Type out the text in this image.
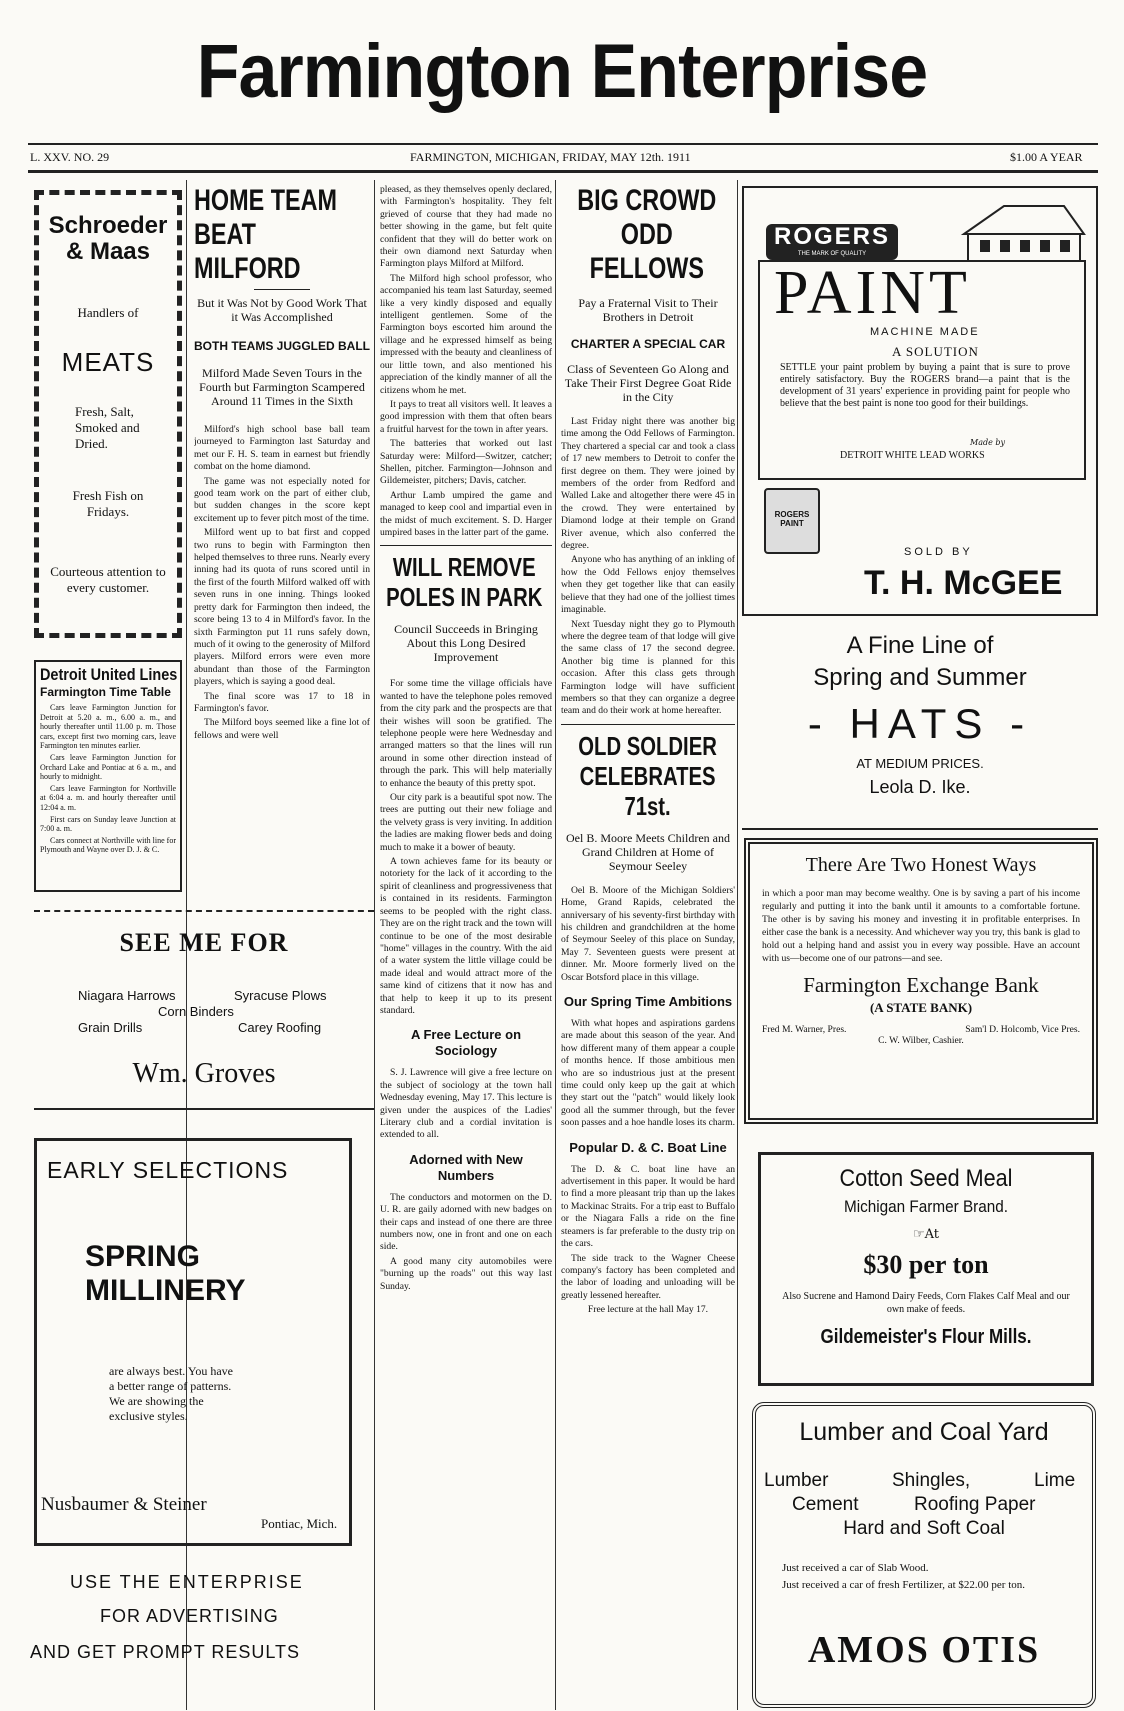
Farmington Enterprise
L. XXV. NO. 29	FARMINGTON, MICHIGAN, FRIDAY, MAY 12th. 1911	$1.00 A YEAR
Schroeder & Maas
Handlers of
MEATS
Fresh, Salt, Smoked and Dried.
Fresh Fish on Fridays.
Courteous attention to every customer.
Detroit United Lines
Farmington Time Table

Cars leave Farmington Junction for Detroit at 5.20 a. m., 6.00 a. m., and hourly thereafter until 11.00 p. m. Those cars, except first two morning cars, leave Farmington ten minutes earlier.

Cars leave Farmington Junction for Orchard Lake and Pontiac at 6 a. m., and hourly to midnight.

Cars leave Farmington for Northville at 6:04 a. m. and hourly thereafter until 12:04 a. m.

First cars on Sunday leave Junction at 7:00 a. m.

Cars connect at Northville with line for Plymouth and Wayne over D. J. & C.

SEE ME FOR
Niagara Harrows	Syracuse Plows
Corn Binders
Grain Drills	Carey Roofing
Wm. Groves
EARLY SELECTIONS
SPRING MILLINERY
are always best. You have a better range of patterns. We are showing the exclusive styles.
Nusbaumer & Steiner
Pontiac, Mich.
USE THE ENTERPRISE
FOR ADVERTISING
AND GET PROMPT RESULTS
HOME TEAM BEAT MILFORD
But it Was Not by Good Work That it Was Accomplished
BOTH TEAMS JUGGLED BALL
Milford Made Seven Tours in the Fourth but Farmington Scampered Around 11 Times in the Sixth

Milford's high school base ball team journeyed to Farmington last Saturday and met our F. H. S. team in earnest but friendly combat on the home diamond.

The game was not especially noted for good team work on the part of either club, but sudden changes in the score kept excitement up to fever pitch most of the time.

Milford went up to bat first and copped two runs to begin with Farmington then helped themselves to three runs. Nearly every inning had its quota of runs scored until in the first of the fourth Milford walked off with seven runs in one inning. Things looked pretty dark for Farmington then indeed, the score being 13 to 4 in Milford's favor. In the sixth Farmington put 11 runs safely down, much of it owing to the generosity of Milford players. Milford errors were even more abundant than those of the Farmington players, which is saying a good deal.

The final score was 17 to 18 in Farmington's favor.

The Milford boys seemed like a fine lot of fellows and were well

pleased, as they themselves openly declared, with Farmington's hospitality. They felt grieved of course that they had made no better showing in the game, but felt quite confident that they will do better work on their own diamond next Saturday when Farmington plays Milford at Milford.

The Milford high school professor, who accompanied his team last Saturday, seemed like a very kindly disposed and equally intelligent gentlemen. Some of the Farmington boys escorted him around the village and he expressed himself as being impressed with the beauty and cleanliness of our little town, and also mentioned his appreciation of the kindly manner of all the citizens whom he met.

It pays to treat all visitors well. It leaves a good impression with them that often bears a fruitful harvest for the town in after years.

The batteries that worked out last Saturday were: Milford—Switzer, catcher; Shellen, pitcher. Farmington—Johnson and Gildemeister, pitchers; Davis, catcher.

Arthur Lamb umpired the game and managed to keep cool and impartial even in the midst of much excitement. S. D. Harger umpired bases in the latter part of the game.

WILL REMOVE POLES IN PARK
Council Succeeds in Bringing About this Long Desired Improvement

For some time the village officials have wanted to have the telephone poles removed from the city park and the prospects are that their wishes will soon be gratified. The telephone people were here Wednesday and arranged matters so that the lines will run around in some other direction instead of through the park. This will help materially to enhance the beauty of this pretty spot.

Our city park is a beautiful spot now. The trees are putting out their new foliage and the velvety grass is very inviting. In addition the ladies are making flower beds and doing much to make it a bower of beauty.

A town achieves fame for its beauty or notoriety for the lack of it according to the spirit of cleanliness and progressiveness that is contained in its residents. Farmington seems to be peopled with the right class. They are on the right track and the town will continue to be one of the most desirable "home" villages in the country. With the aid of a water system the little village could be made ideal and would attract more of the same kind of citizens that it now has and that help to keep it up to its present standard.

A Free Lecture on Sociology

S. J. Lawrence will give a free lecture on the subject of sociology at the town hall Wednesday evening, May 17. This lecture is given under the auspices of the Ladies' Literary club and a cordial invitation is extended to all.

Adorned with New Numbers

The conductors and motormen on the D. U. R. are gaily adorned with new badges on their caps and instead of one there are three numbers now, one in front and one on each side.

A good many city automobiles were "burning up the roads" out this way last Sunday.

BIG CROWD ODD FELLOWS
Pay a Fraternal Visit to Their Brothers in Detroit
CHARTER A SPECIAL CAR
Class of Seventeen Go Along and Take Their First Degree Goat Ride in the City

Last Friday night there was another big time among the Odd Fellows of Farmington. They chartered a special car and took a class of 17 new members to Detroit to confer the first degree on them. They were joined by members of the order from Redford and Walled Lake and altogether there were 45 in the crowd. They were entertained by Diamond lodge at their temple on Grand River avenue, which also conferred the degree.

Anyone who has anything of an inkling of how the Odd Fellows enjoy themselves when they get together like that can easily believe that they had one of the jolliest times imaginable.

Next Tuesday night they go to Plymouth where the degree team of that lodge will give the same class of 17 the second degree. Another big time is planned for this occasion. After this class gets through Farmington lodge will have sufficient members so that they can organize a degree team and do their work at home hereafter.

OLD SOLDIER CELEBRATES 71st.
Oel B. Moore Meets Children and Grand Children at Home of Seymour Seeley

Oel B. Moore of the Michigan Soldiers' Home, Grand Rapids, celebrated the anniversary of his seventy-first birthday with his children and grandchildren at the home of Seymour Seeley of this place on Sunday, May 7. Seventeen guests were present at dinner. Mr. Moore formerly lived on the Oscar Botsford place in this village.

Our Spring Time Ambitions

With what hopes and aspirations gardens are made about this season of the year. And how different many of them appear a couple of months hence. If those ambitious men who are so industrious just at the present time could only keep up the gait at which they start out the "patch" would likely look good all the summer through, but the fever soon passes and a hoe handle loses its charm.

Popular D. & C. Boat Line

The D. & C. boat line have an advertisement in this paper. It would be hard to find a more pleasant trip than up the lakes to Mackinac Straits. For a trip east to Buffalo or the Niagara Falls a ride on the fine steamers is far preferable to the dusty trip on the cars.

The side track to the Wagner Cheese company's factory has been completed and the labor of loading and unloading will be greatly lessened hereafter.

Free lecture at the hall May 17.

ROGERS
THE MARK OF QUALITY
PAINT
MACHINE MADE
A SOLUTION
SETTLE your paint problem by buying a paint that is sure to prove entirely satisfactory. Buy the ROGERS brand—a paint that is the development of 31 years' experience in providing paint for people who believe that the best paint is none too good for their buildings.
Made by
DETROIT WHITE LEAD WORKS
ROGERS PAINT
SOLD BY
T. H. McGEE
A Fine Line of
Spring and Summer
- HATS -
AT MEDIUM PRICES.
Leola D. Ike.
There Are Two Honest Ways
in which a poor man may become wealthy. One is by saving a part of his income regularly and putting it into the bank until it amounts to a comfortable fortune. The other is by saving his money and investing it in profitable enterprises. In either case the bank is a necessity. And whichever way you try, this bank is glad to hold out a helping hand and assist you in every way possible. Have an account with us—become one of our patrons—and see.
Farmington Exchange Bank
(A STATE BANK)
Fred M. Warner, Pres.	Sam'l D. Holcomb, Vice Pres.
C. W. Wilber, Cashier.
Cotton Seed Meal
Michigan Farmer Brand.
☞At
$30 per ton
Also Sucrene and Hamond Dairy Feeds, Corn Flakes Calf Meal and our own make of feeds.
Gildemeister's Flour Mills.
Lumber and Coal Yard
Lumber	Shingles,	Lime
Cement	Roofing Paper
Hard and Soft Coal
Just received a car of Slab Wood.
Just received a car of fresh Fertilizer, at $22.00 per ton.
AMOS OTIS
